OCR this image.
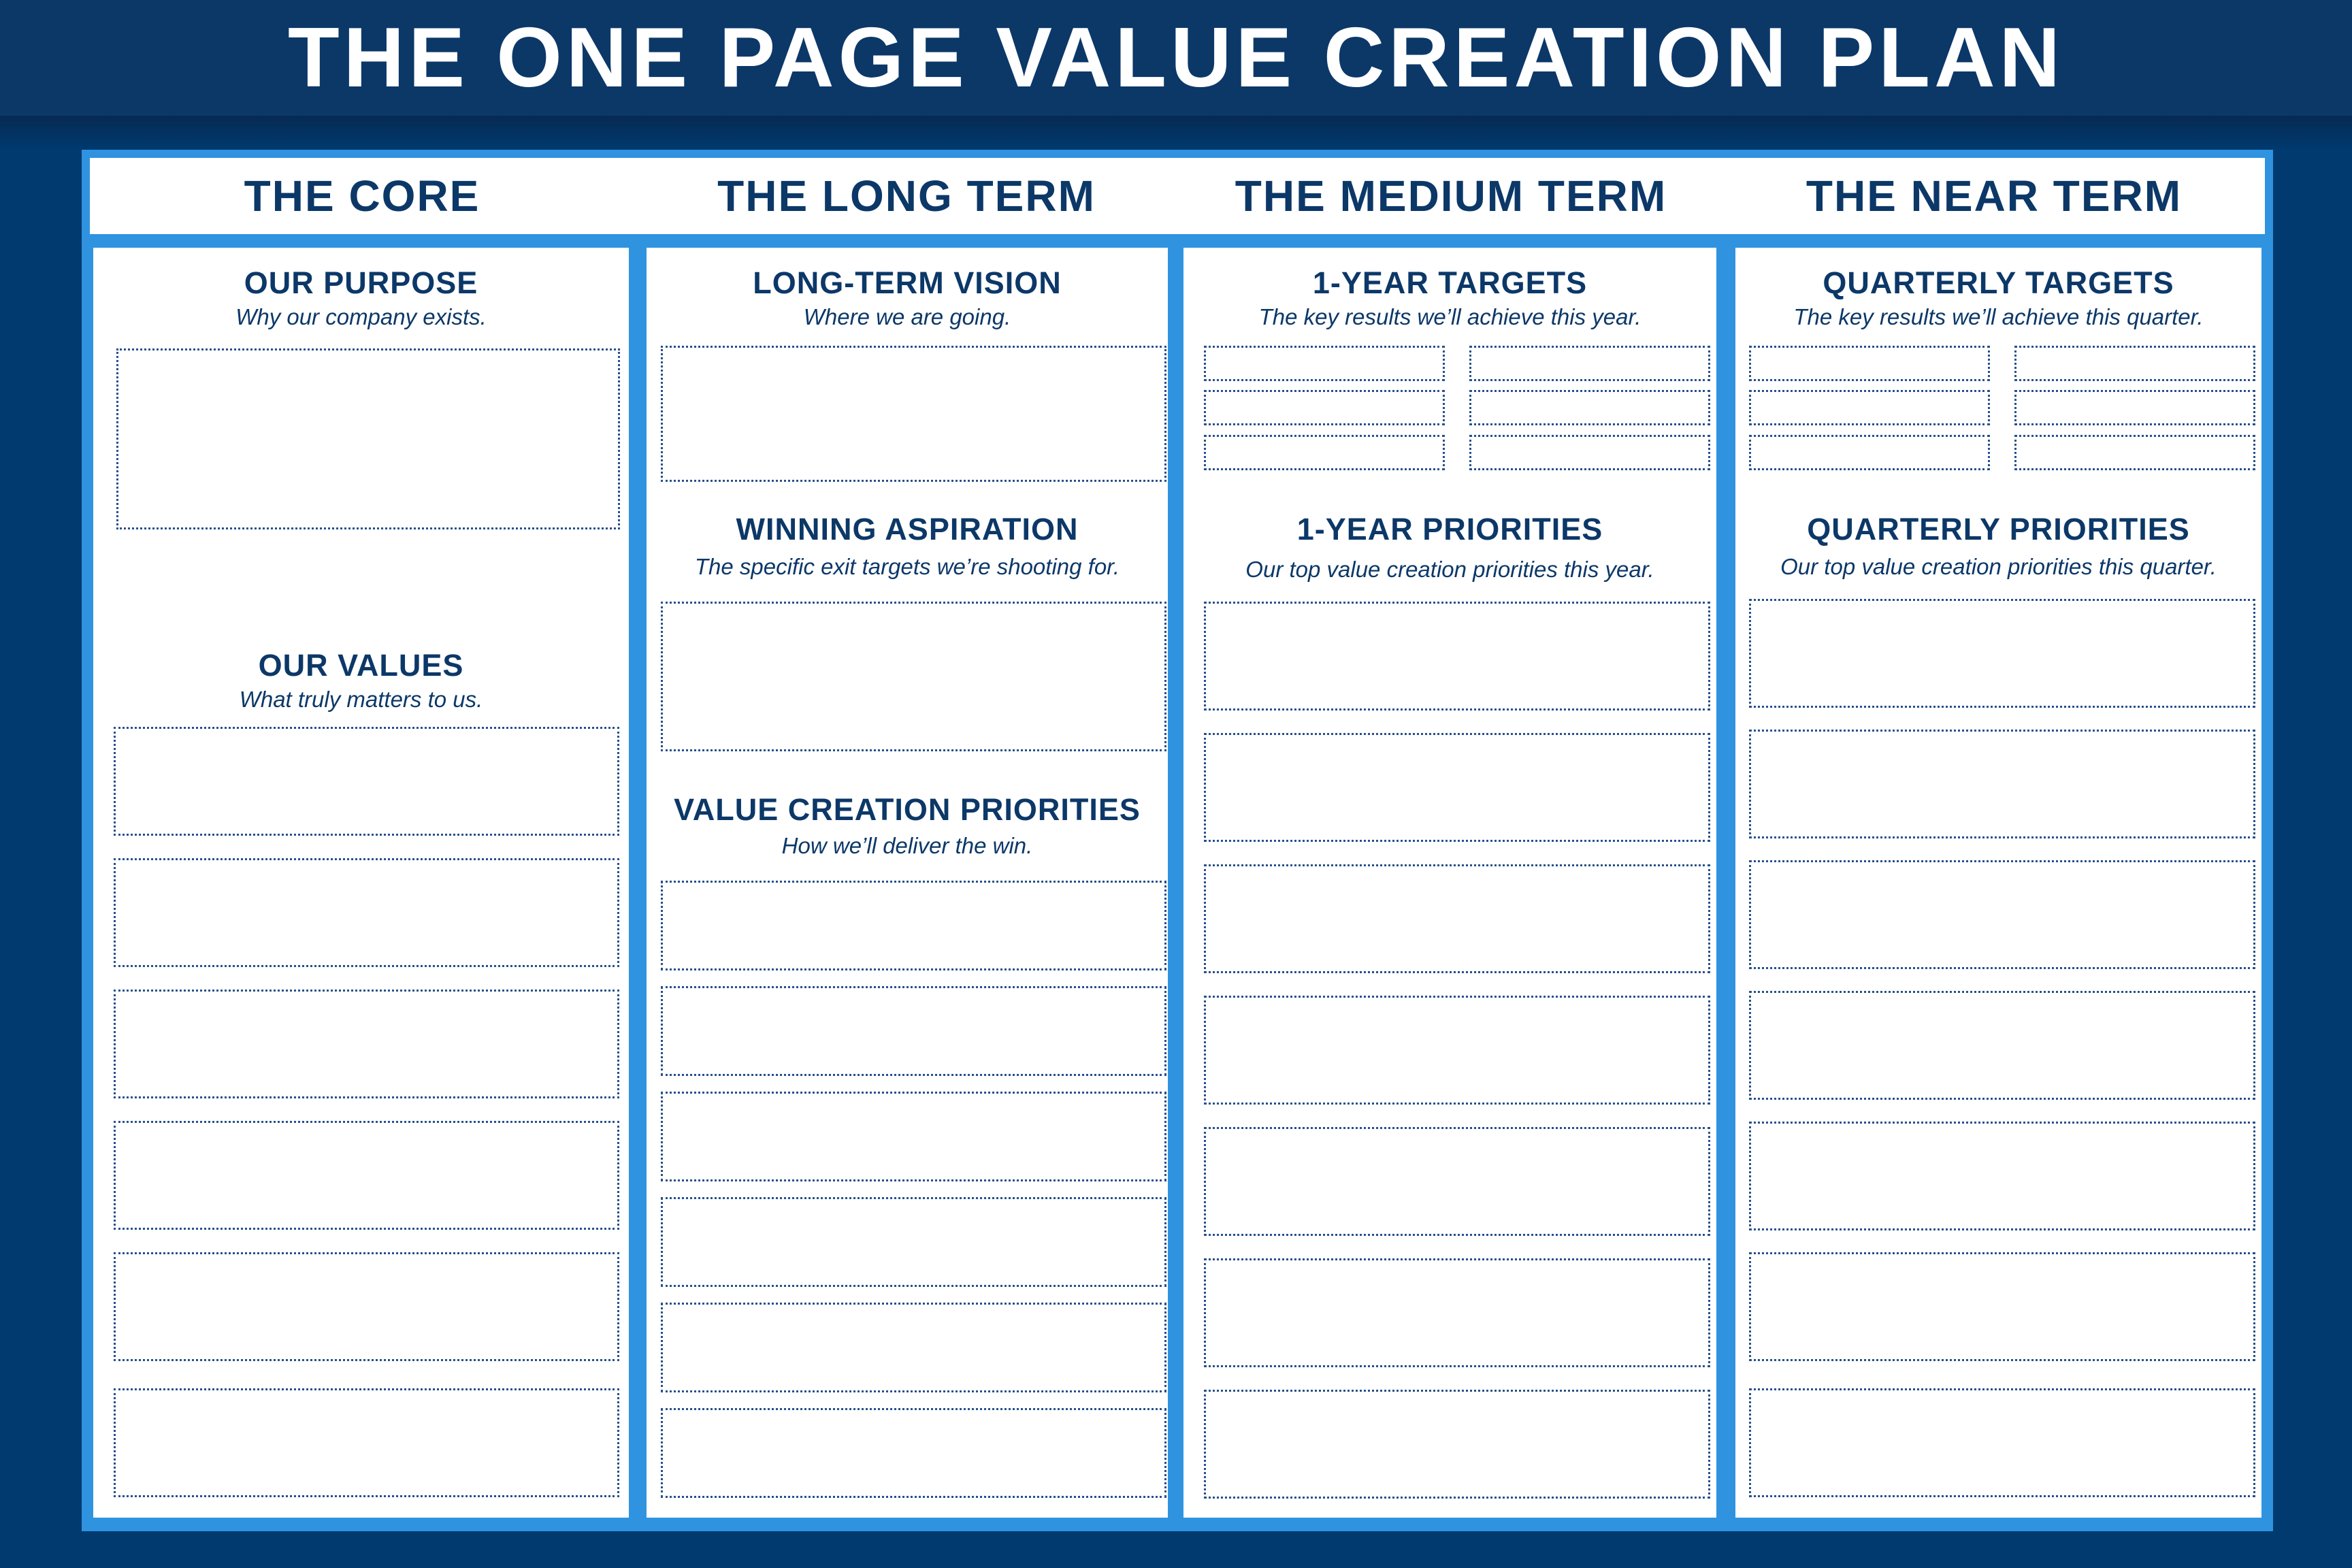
THE ONE PAGE VALUE CREATION PLAN
THE CORE	THE LONG TERM	THE MEDIUM TERM	THE NEAR TERM
OUR PURPOSE
Why our company exists.
OUR VALUES
What truly matters to us.
LONG-TERM VISION
Where we are going.
WINNING ASPIRATION
The specific exit targets we’re shooting for.
VALUE CREATION PRIORITIES
How we’ll deliver the win.
1-YEAR TARGETS
The key results we’ll achieve this year.
1-YEAR PRIORITIES
Our top value creation priorities this year.
QUARTERLY TARGETS
The key results we’ll achieve this quarter.
QUARTERLY PRIORITIES
Our top value creation priorities this quarter.
